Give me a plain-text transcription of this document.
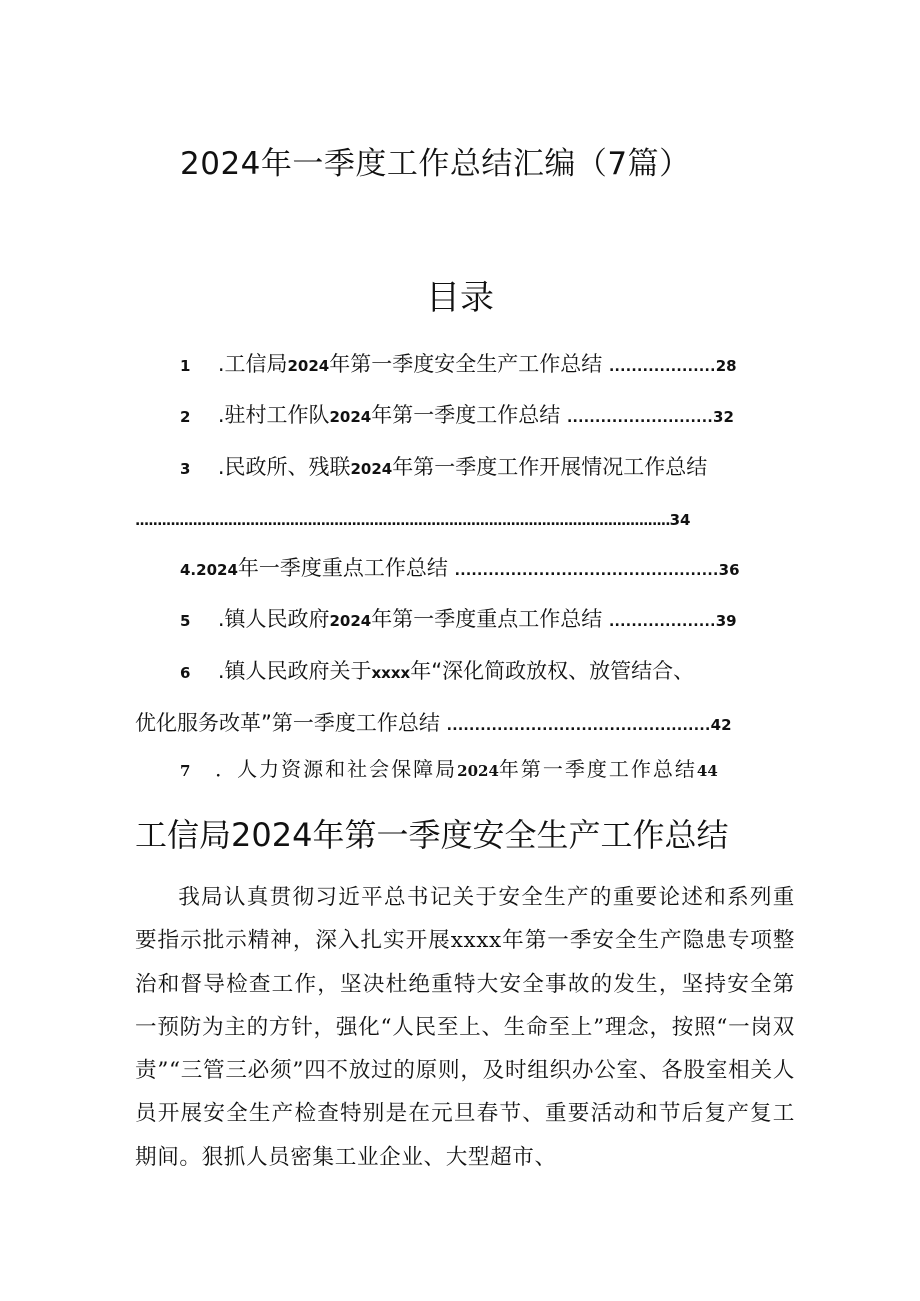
2024年一季度工作总结汇编（7篇）
目录
1 .工信局2024年第一季度安全生产工作总结 ...................28
2 .驻村工作队2024年第一季度工作总结 ..........................32
3 .民政所、残联2024年第一季度工作开展情况工作总结
.........................................................................................................................34
4.2024年一季度重点工作总结 ...............................................36
5 .镇人民政府2024年第一季度重点工作总结 ...................39
6 .镇人民政府关于xxxx年“深化简政放权、放管结合、
优化服务改革”第一季度工作总结 ...............................................42
7 ．人力资源和社会保障局2024年第一季度工作总结44
工信局2024年第一季度安全生产工作总结

我局认真贯彻习近平总书记关于安全生产的重要论述和系列重要指示批示精神，深入扎实开展xxxx年第一季安全生产隐患专项整治和督导检查工作，坚决杜绝重特大安全事故的发生，坚持安全第一预防为主的方针，强化“人民至上、生命至上”理念，按照“一岗双责”“三管三必须”四不放过的原则，及时组织办公室、各股室相关人员开展安全生产检查特别是在元旦春节、重要活动和节后复产复工期间。狠抓人员密集工业企业、大型超市、
